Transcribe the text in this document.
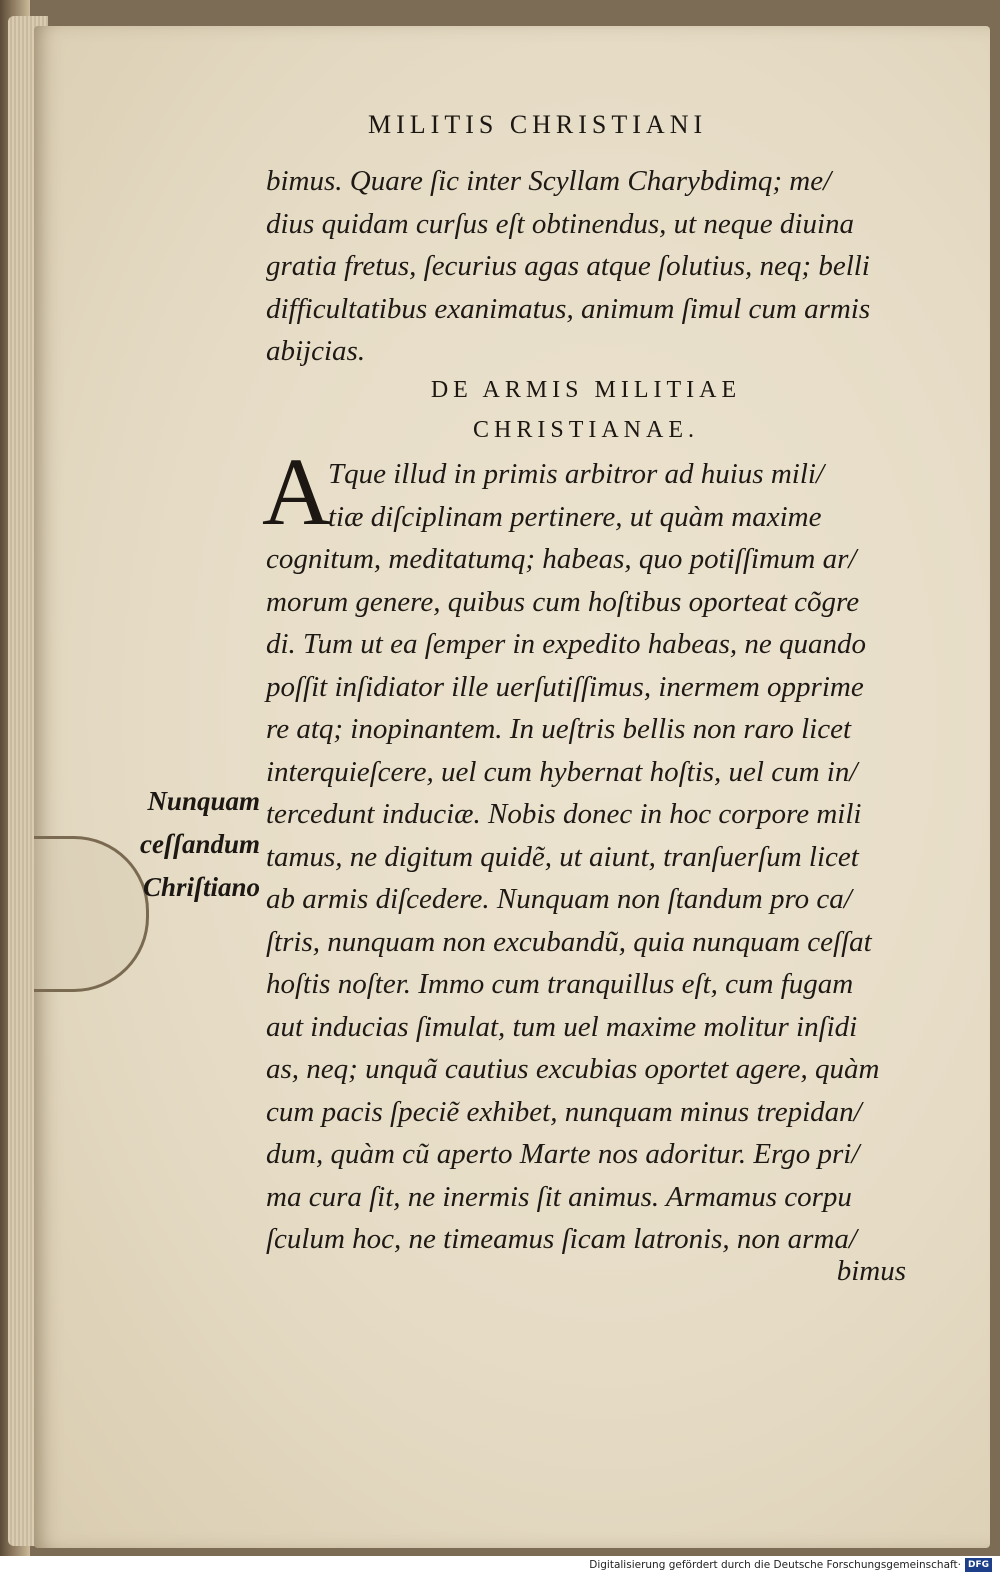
MILITIS CHRISTIANI
bimus. Quare ſic inter Scyllam Charybdimq; me/
dius quidam curſus eſt obtinendus, ut neque diuina
gratia fretus, ſecurius agas atque ſolutius, neq; belli
difficultatibus exanimatus, animum ſimul cum armis
abijcias.
DE ARMIS MILITIAE
CHRISTIANAE.
A
Tque illud in primis arbitror ad huius mili/
tiæ diſciplinam pertinere, ut quàm maxime
cognitum, meditatumq; habeas, quo potiſſimum ar/
morum genere, quibus cum hoſtibus oporteat cõgre
di. Tum ut ea ſemper in expedito habeas, ne quando
poſſit inſidiator ille uerſutiſſimus, inermem opprime
re atq; inopinantem. In ueſtris bellis non raro licet
interquieſcere, uel cum hybernat hoſtis, uel cum in/
tercedunt induciæ. Nobis donec in hoc corpore mili
tamus, ne digitum quidẽ, ut aiunt, tranſuerſum licet
ab armis diſcedere. Nunquam non ſtandum pro ca/
ſtris, nunquam non excubandũ, quia nunquam ceſſat
hoſtis noſter. Immo cum tranquillus eſt, cum fugam
aut inducias ſimulat, tum uel maxime molitur inſidi
as, neq; unquã cautius excubias oportet agere, quàm
cum pacis ſpeciẽ exhibet, nunquam minus trepidan/
dum, quàm cũ aperto Marte nos adoritur. Ergo pri/
ma cura ſit, ne inermis ſit animus. Armamus corpu
ſculum hoc, ne timeamus ſicam latronis, non arma/
bimus
Nunquam
ceſſandum
Chriſtiano
Digitalisierung gefördert durch die Deutsche Forschungsgemeinschaft·DFG
